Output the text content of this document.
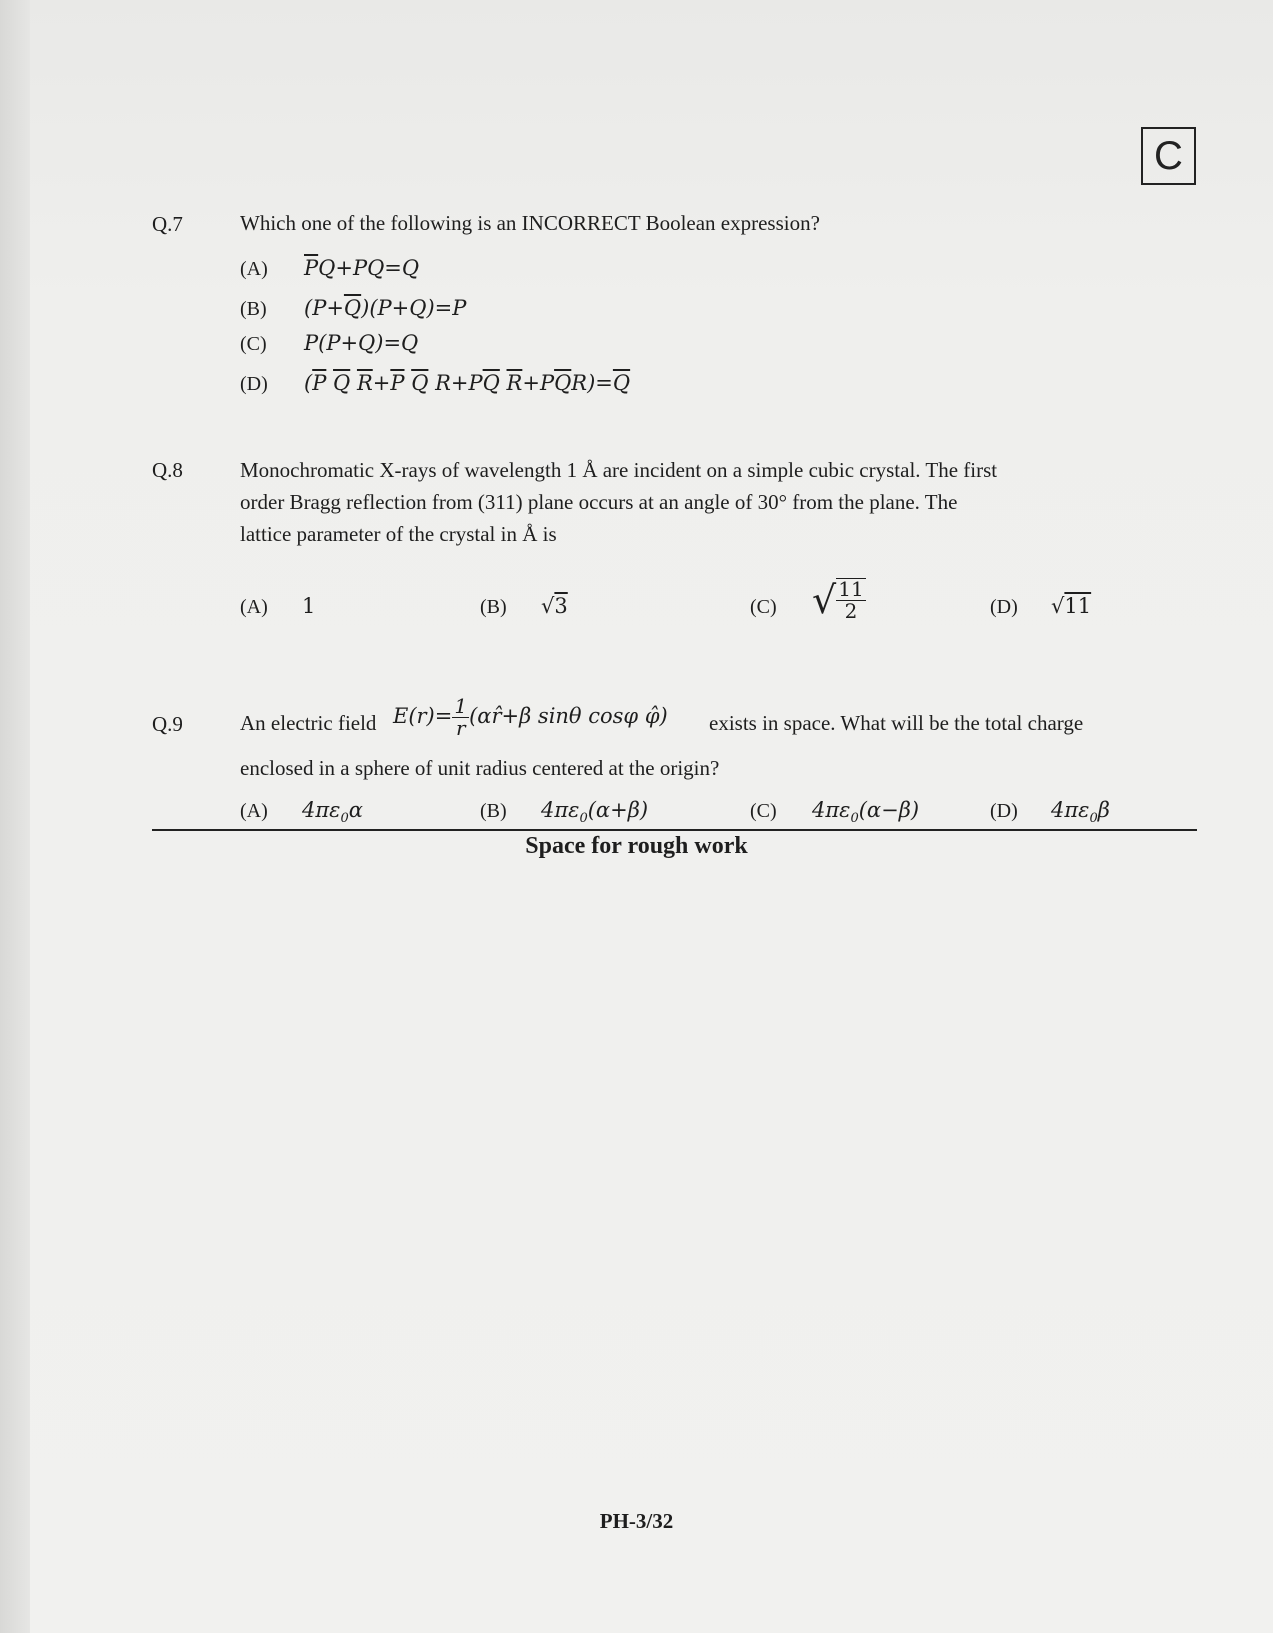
C
Q.7	Which one of the following is an INCORRECT Boolean expression?
(A) $\overline{P}Q+PQ=Q$
(B) $(P+\overline{Q})(P+Q)=P$
(C) P(P+Q)=Q
(D) ($\overline{P}$ $\overline{Q}$ $\overline{R}+\overline{P}$ $\overline{Q}$ $R+P\overline{Q}$ $\overline{R}+P\overline{Q}R)=\overline{Q}$
Q.8	Monochromatic X-rays of wavelength 1 Å are incident on a simple cubic crystal. The first
order Bragg reflection from (311) plane occurs at an angle of 30° from the plane. The
lattice parameter of the crystal in Å is
(A) 1	(B) √3	(C) √ $\frac{11}{2}$	(D) √11
Q.9	An electric field $E(r)= \frac{1}{r}$ (αr̂+β sinθ cosφ φ̂) exists in space. What will be the total charge
enclosed in a sphere of unit radius centered at the origin?
(A) $4\pi\varepsilon_0\alpha$	(B) $4\pi\varepsilon_0(\alpha+\beta)$	(C) $4\pi\varepsilon_0(\alpha-\beta)$	(D) $4\pi\varepsilon_0\beta$
Space for rough work
PH-3/32
